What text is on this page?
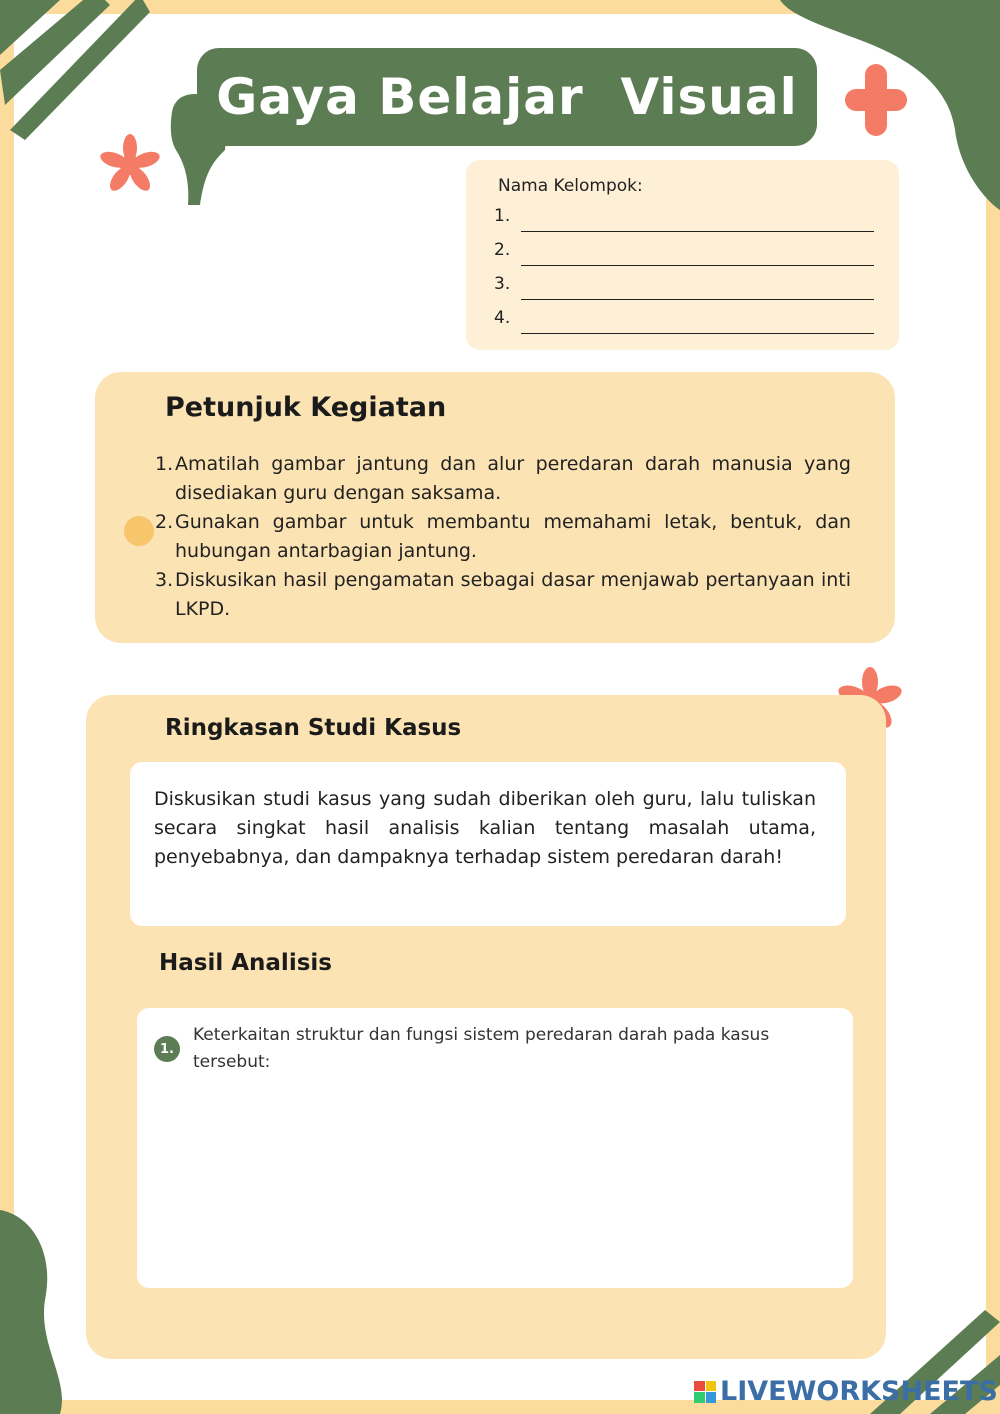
Gaya Belajar  Visual
Nama Kelompok:
1.
2.
3.
4.
Petunjuk Kegiatan
1. Amatilah gambar jantung dan alur peredaran darah manusia yang disediakan guru dengan saksama.
2. Gunakan gambar untuk membantu memahami letak, bentuk, dan hubungan antarbagian jantung.
3. Diskusikan hasil pengamatan sebagai dasar menjawab pertanyaan inti LKPD.
Ringkasan Studi Kasus
Diskusikan studi kasus yang sudah diberikan oleh guru, lalu tuliskan secara singkat hasil analisis kalian tentang masalah utama, penyebabnya, dan dampaknya terhadap sistem peredaran darah!
Hasil Analisis
1.
Keterkaitan struktur dan fungsi sistem peredaran darah pada kasus tersebut:
LIVEWORKSHEETS
